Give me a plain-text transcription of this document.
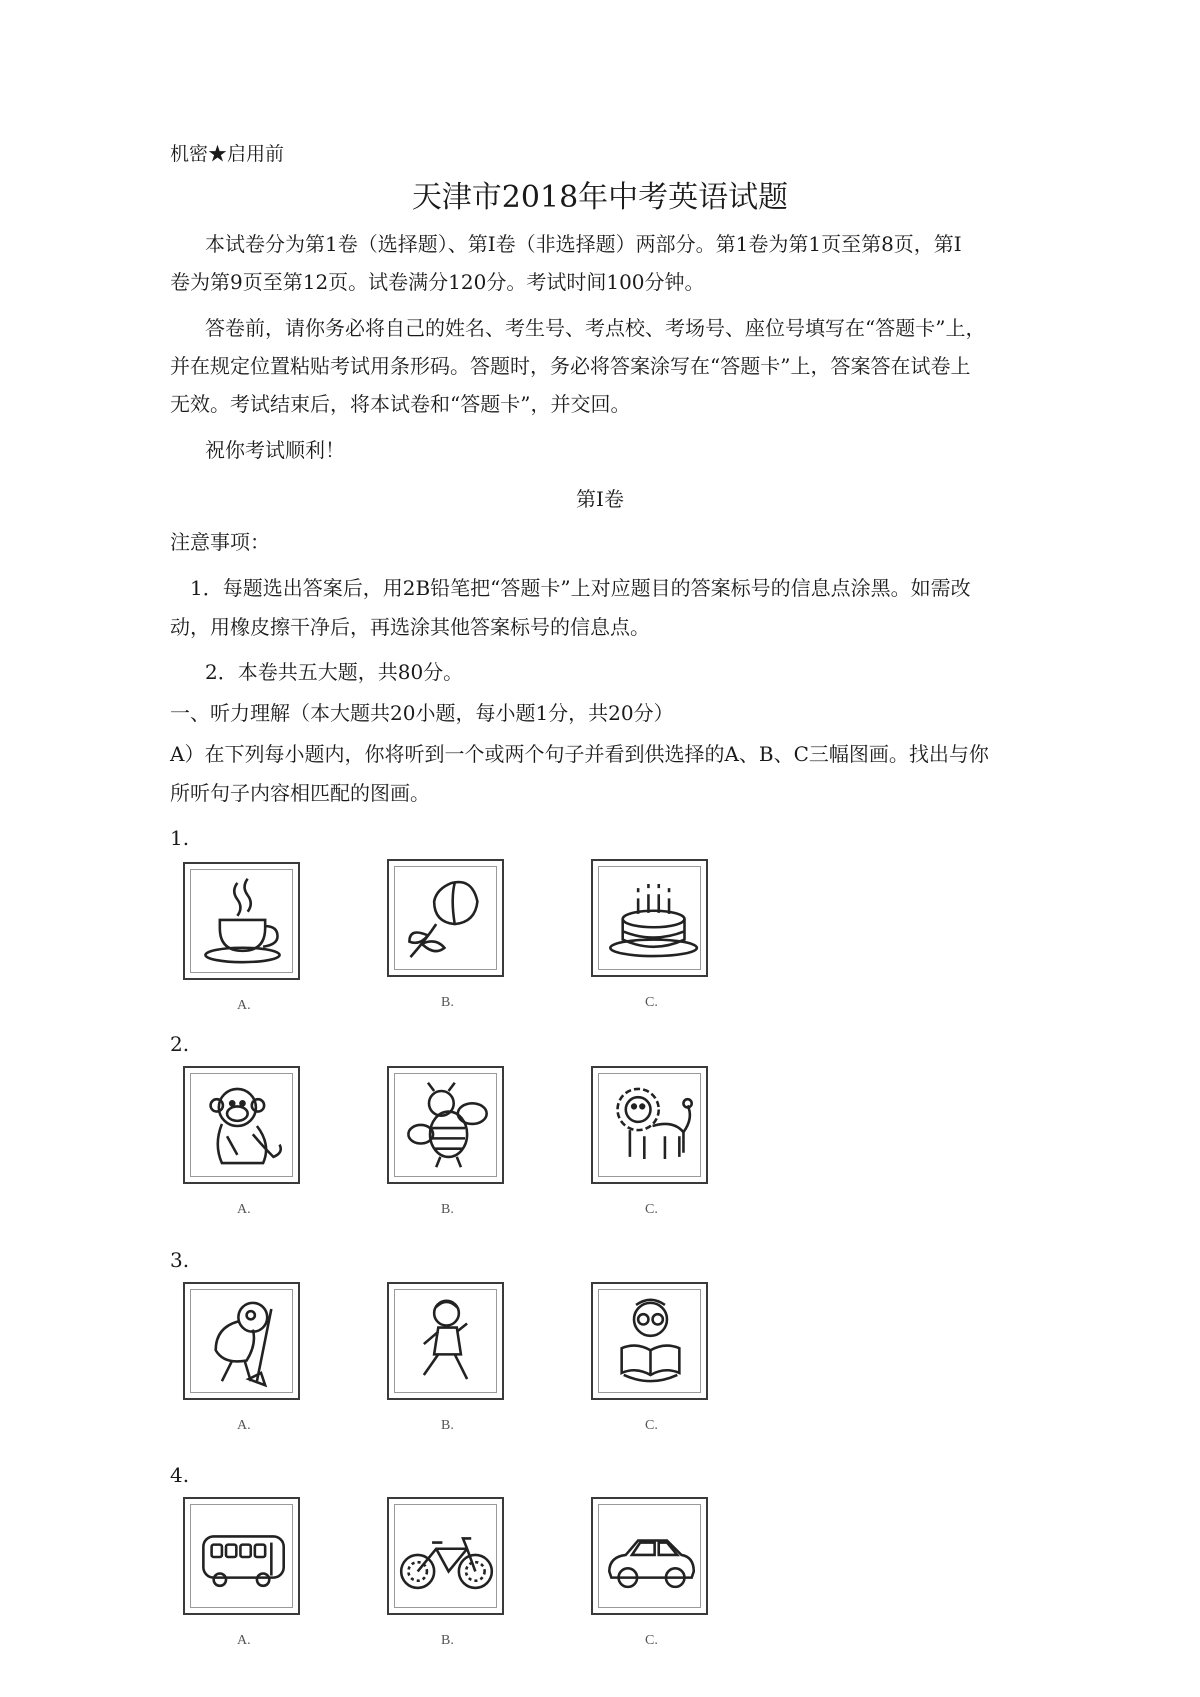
机密★启用前

天津市2018年中考英语试题

本试卷分为第1卷（选择题）、第I卷（非选择题）两部分。第1卷为第1页至第8页，第I

卷为第9页至第12页。试卷满分120分。考试时间100分钟。

答卷前，请你务必将自己的姓名、考生号、考点校、考场号、座位号填写在“答题卡”上，

并在规定位置粘贴考试用条形码。答题时，务必将答案涂写在“答题卡”上，答案答在试卷上

无效。考试结束后，将本试卷和“答题卡”，并交回。

祝你考试顺利！

第I卷

注意事项：

1．每题选出答案后，用2B铅笔把“答题卡”上对应题目的答案标号的信息点涂黑。如需改

动，用橡皮擦干净后，再选涂其他答案标号的信息点。

2．本卷共五大题，共80分。

一、听力理解（本大题共20小题，每小题1分，共20分）

A）在下列每小题内，你将听到一个或两个句子并看到供选择的A、B、C三幅图画。找出与你

所听句子内容相匹配的图画。

1.

A.	B.	C.

2.

A.	B.	C.

3.

A.	B.	C.

4.

A.	B.	C.
